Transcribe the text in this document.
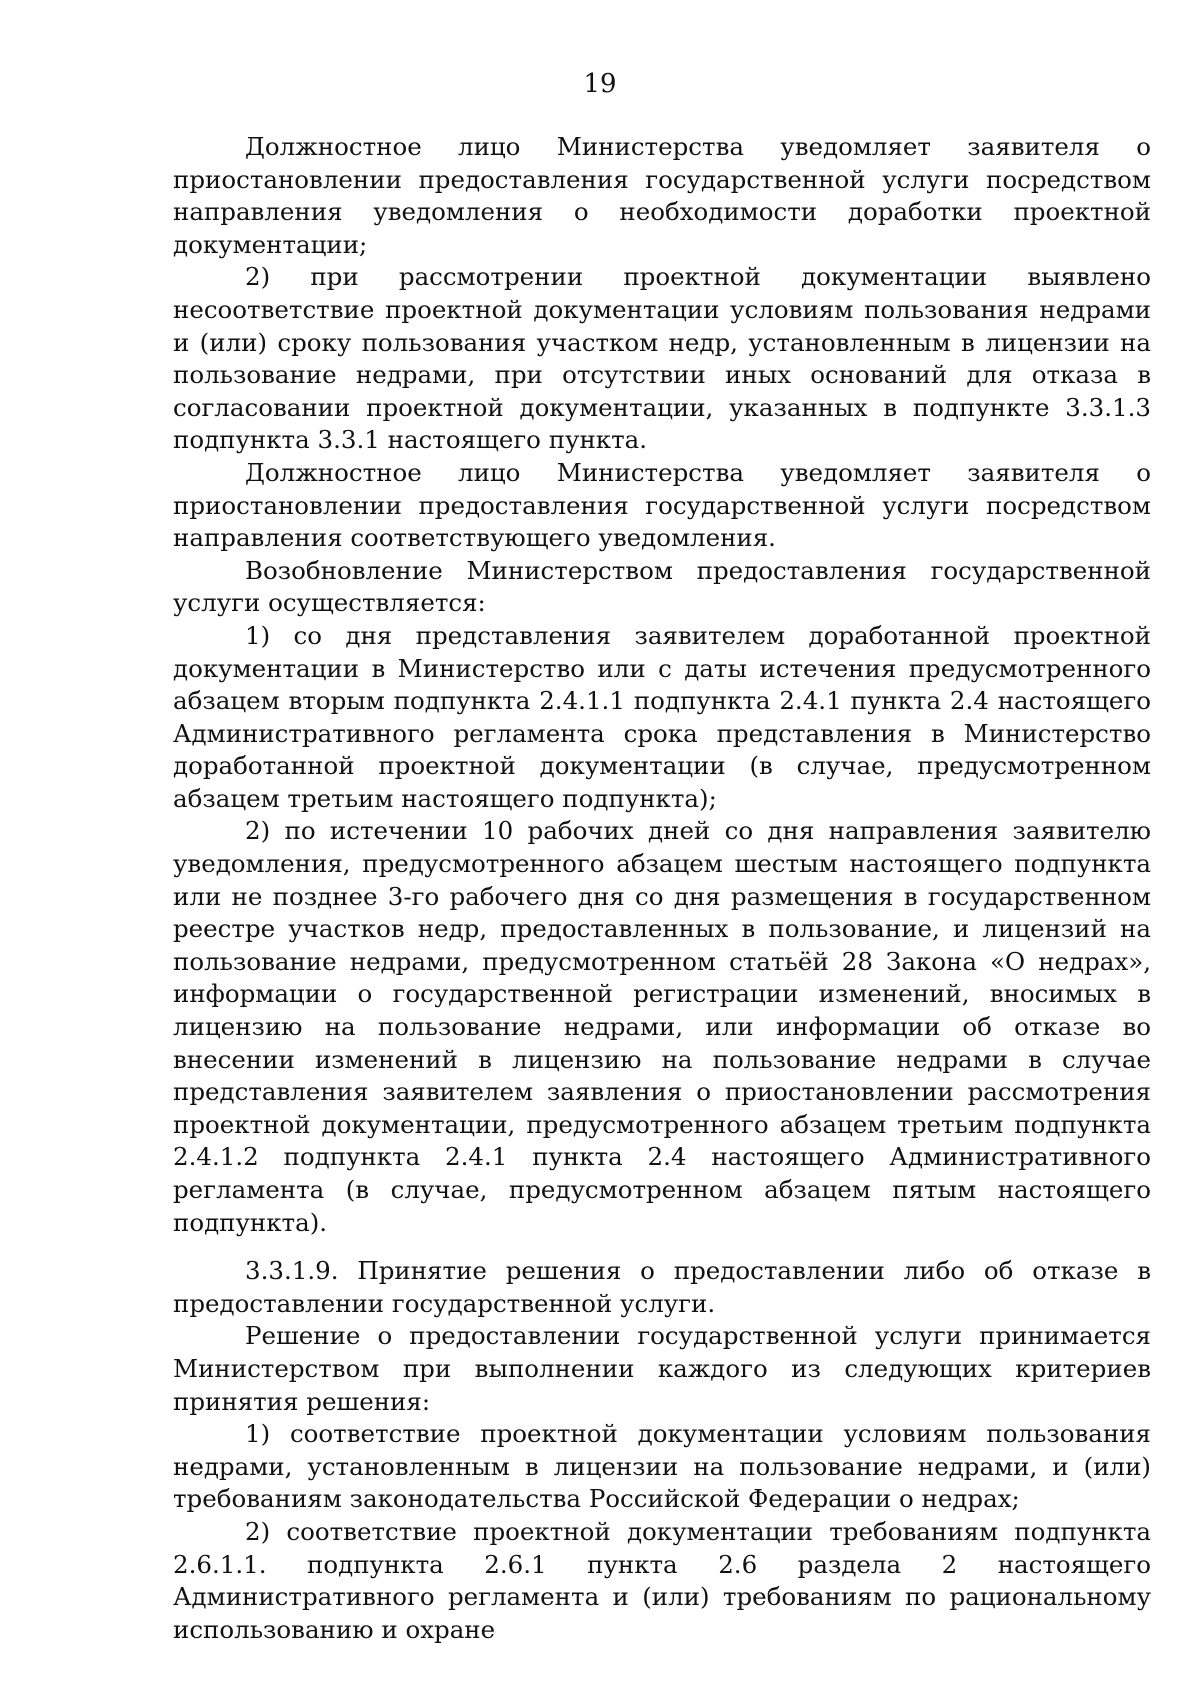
19

Должностное лицо Министерства уведомляет заявителя о приостановлении предоставления государственной услуги посредством направления уведомления о необходимости доработки проектной документации;

2) при рассмотрении проектной документации выявлено несоответствие проектной документации условиям пользования недрами и (или) сроку пользования участком недр, установленным в лицензии на пользование недрами, при отсутствии иных оснований для отказа в согласовании проектной документации, указанных в подпункте 3.3.1.3 подпункта 3.3.1 настоящего пункта.

Должностное лицо Министерства уведомляет заявителя о приостановлении предоставления государственной услуги посредством направления соответствующего уведомления.

Возобновление Министерством предоставления государственной услуги осуществляется:

1) со дня представления заявителем доработанной проектной документации в Министерство или с даты истечения предусмотренного абзацем вторым подпункта 2.4.1.1 подпункта 2.4.1 пункта 2.4 настоящего Административного регламента срока представления в Министерство доработанной проектной документации (в случае, предусмотренном абзацем третьим настоящего подпункта);

2) по истечении 10 рабочих дней со дня направления заявителю уведомления, предусмотренного абзацем шестым настоящего подпункта или не позднее 3-го рабочего дня со дня размещения в государственном реестре участков недр, предоставленных в пользование, и лицензий на пользование недрами, предусмотренном статьёй 28 Закона «О недрах», информации о государственной регистрации изменений, вносимых в лицензию на пользование недрами, или информации об отказе во внесении изменений в лицензию на пользование недрами в случае представления заявителем заявления о приостановлении рассмотрения проектной документации, предусмотренного абзацем третьим подпункта 2.4.1.2 подпункта 2.4.1 пункта 2.4 настоящего Административного регламента (в случае, предусмотренном абзацем пятым настоящего подпункта).

3.3.1.9. Принятие решения о предоставлении либо об отказе в предоставлении государственной услуги.

Решение о предоставлении государственной услуги принимается Министерством при выполнении каждого из следующих критериев принятия решения:

1) соответствие проектной документации условиям пользования недрами, установленным в лицензии на пользование недрами, и (или) требованиям законодательства Российской Федерации о недрах;

2) соответствие проектной документации требованиям подпункта 2.6.1.1. подпункта 2.6.1 пункта 2.6 раздела 2 настоящего Административного регламента и (или) требованиям по рациональному использованию и охране
